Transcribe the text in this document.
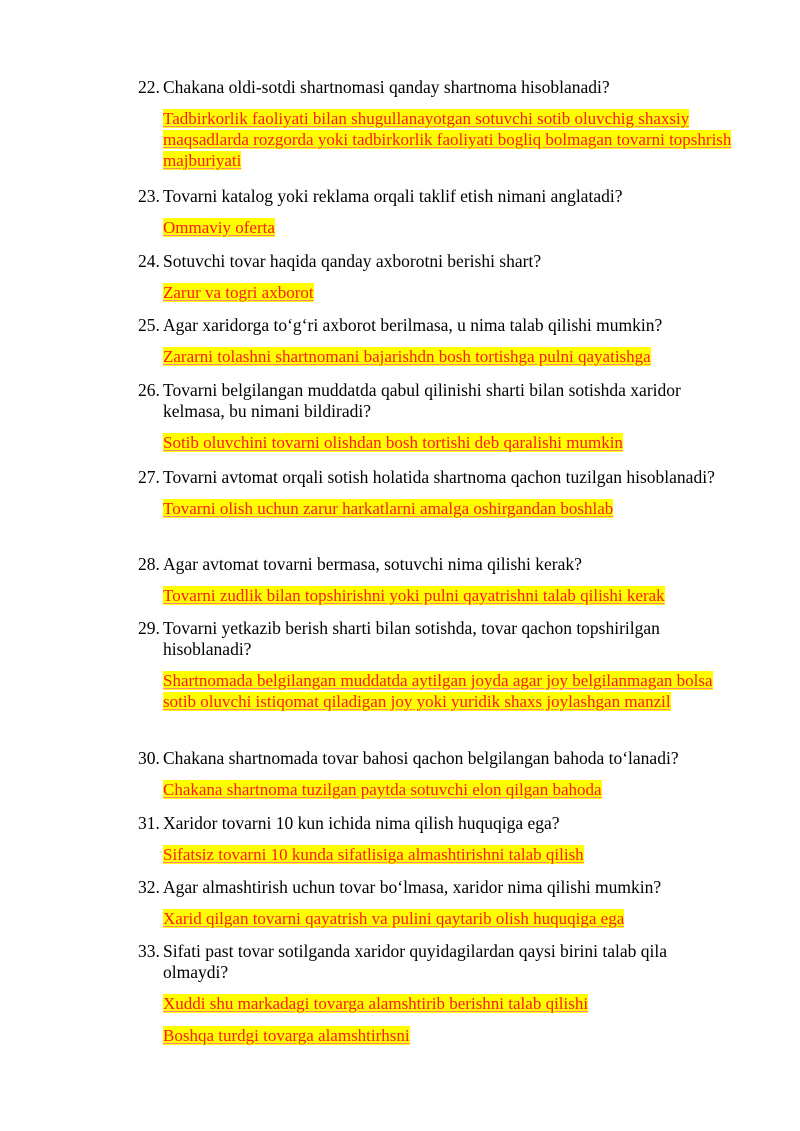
22. Chakana oldi-sotdi shartnomasi qanday shartnoma hisoblanadi?
Tadbirkorlik faoliyati bilan shugullanayotgan sotuvchi sotib oluvchig shaxsiy maqsadlarda rozgorda yoki tadbirkorlik faoliyati bogliq bolmagan tovarni topshrish majburiyati
23. Tovarni katalog yoki reklama orqali taklif etish nimani anglatadi?
Ommaviy oferta
24. Sotuvchi tovar haqida qanday axborotni berishi shart?
Zarur va togri axborot
25. Agar xaridorga to‘g‘ri axborot berilmasa, u nima talab qilishi mumkin?
Zararni tolashni shartnomani bajarishdn bosh tortishga pulni qayatishga
26. Tovarni belgilangan muddatda qabul qilinishi sharti bilan sotishda xaridor kelmasa, bu nimani bildiradi?
Sotib oluvchini tovarni olishdan bosh tortishi deb qaralishi mumkin
27. Tovarni avtomat orqali sotish holatida shartnoma qachon tuzilgan hisoblanadi?
Tovarni olish uchun zarur harkatlarni amalga oshirgandan boshlab
28. Agar avtomat tovarni bermasa, sotuvchi nima qilishi kerak?
Tovarni zudlik bilan topshirishni yoki pulni qayatrishni talab qilishi kerak
29. Tovarni yetkazib berish sharti bilan sotishda, tovar qachon topshirilgan hisoblanadi?
Shartnomada belgilangan muddatda aytilgan joyda agar joy belgilanmagan bolsa sotib oluvchi istiqomat qiladigan joy yoki yuridik shaxs joylashgan manzil
30. Chakana shartnomada tovar bahosi qachon belgilangan bahoda to‘lanadi?
Chakana shartnoma tuzilgan paytda sotuvchi elon qilgan bahoda
31. Xaridor tovarni 10 kun ichida nima qilish huquqiga ega?
Sifatsiz tovarni 10 kunda sifatlisiga almashtirishni talab qilish
32. Agar almashtirish uchun tovar bo‘lmasa, xaridor nima qilishi mumkin?
Xarid qilgan tovarni qayatrish va pulini qaytarib olish huquqiga ega
33. Sifati past tovar sotilganda xaridor quyidagilardan qaysi birini talab qila olmaydi?
Xuddi shu markadagi tovarga alamshtirib berishni talab qilishi
Boshqa turdgi tovarga alamshtirhsni
